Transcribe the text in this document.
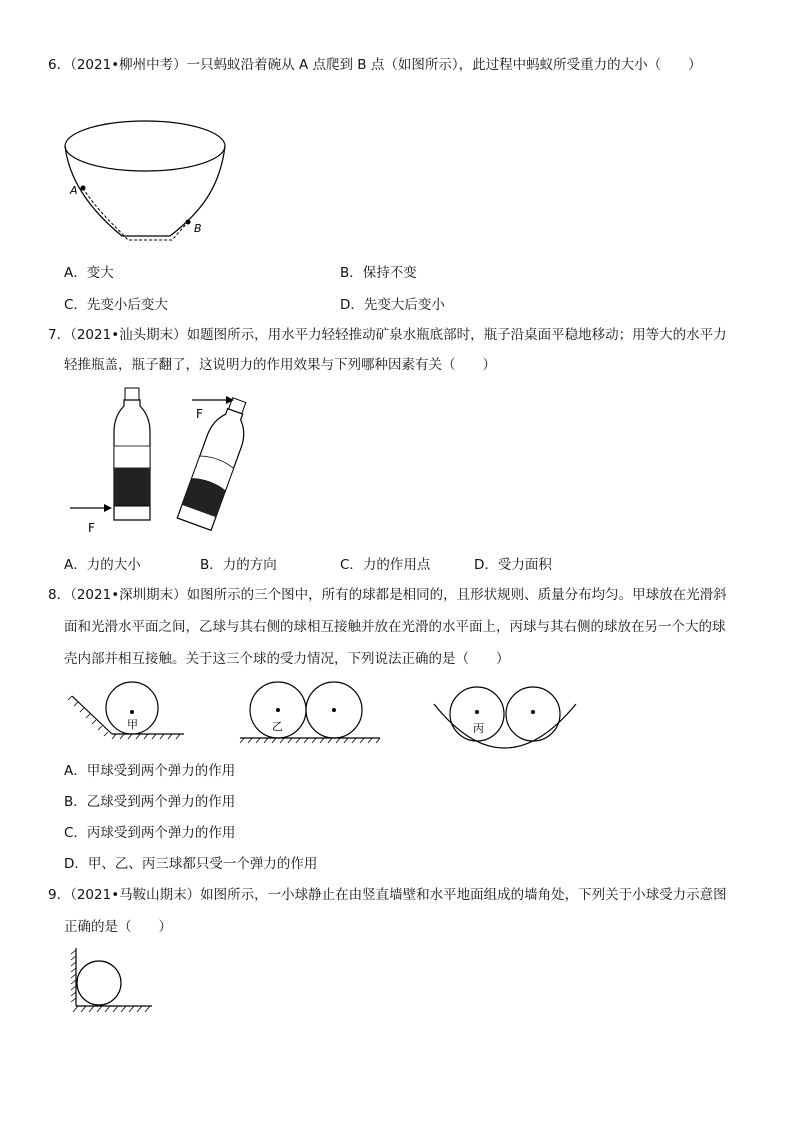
6．（2021•柳州中考）一只蚂蚁沿着碗从 A 点爬到 B 点（如图所示），此过程中蚂蚁所受重力的大小（　　）
A
B
A．变大	B．保持不变
C．先变小后变大	D．先变大后变小
7．（2021•汕头期末）如题图所示，用水平力轻轻推动矿泉水瓶底部时，瓶子沿桌面平稳地移动；用等大的水平力
轻推瓶盖，瓶子翻了，这说明力的作用效果与下列哪种因素有关（　　）
F
F
A．力的大小	B．力的方向	C．力的作用点	D．受力面积
8．（2021•深圳期末）如图所示的三个图中，所有的球都是相同的，且形状规则、质量分布均匀。甲球放在光滑斜
面和光滑水平面之间，乙球与其右侧的球相互接触并放在光滑的水平面上，丙球与其右侧的球放在另一个大的球
壳内部并相互接触。关于这三个球的受力情况，下列说法正确的是（　　）
甲	乙	丙
A．甲球受到两个弹力的作用
B．乙球受到两个弹力的作用
C．丙球受到两个弹力的作用
D．甲、乙、丙三球都只受一个弹力的作用
9．（2021•马鞍山期末）如图所示，一小球静止在由竖直墙壁和水平地面组成的墙角处，下列关于小球受力示意图
正确的是（　　）
